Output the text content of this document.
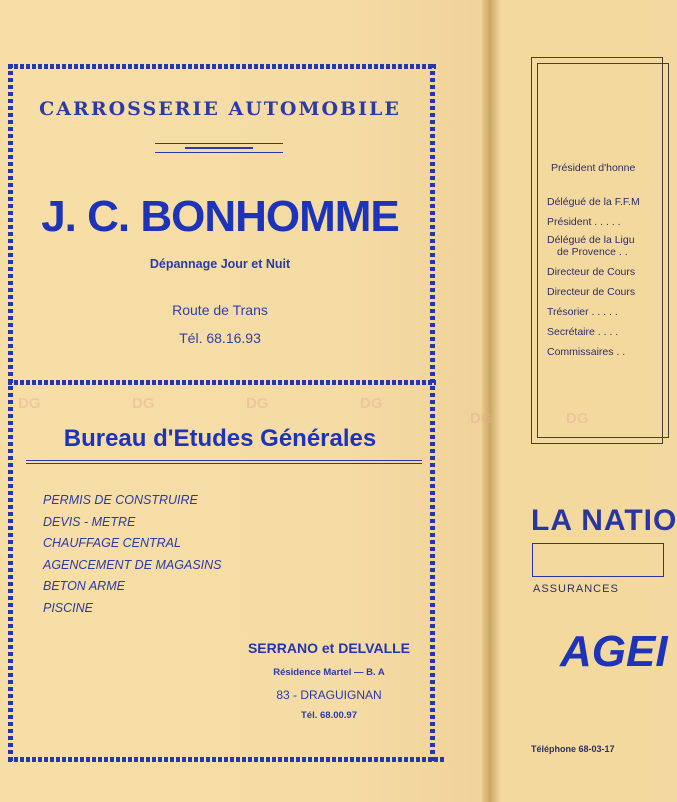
DG	DG	DG	DG
DG	DG
CARROSSERIE AUTOMOBILE
J. C. BONHOMME
Dépannage Jour et Nuit
Route de Trans
Tél. 68.16.93
Bureau d'Etudes Générales
PERMIS DE CONSTRUIRE
DEVIS - METRE
CHAUFFAGE CENTRAL
AGENCEMENT DE MAGASINS
BETON ARME
PISCINE
SERRANO et DELVALLE
Résidence Martel — B. A
83 - DRAGUIGNAN
Tél. 68.00.97
Président d'honne
Délégué de la F.F.M
Président . . . . .
Délégué de la Ligu
de Provence . .
Directeur de Cours
Directeur de Cours
Trésorier . . . . .
Secrétaire . . . .
Commissaires . .
LA NATIO
ASSURANCES
AGEI
Téléphone 68-03-17
